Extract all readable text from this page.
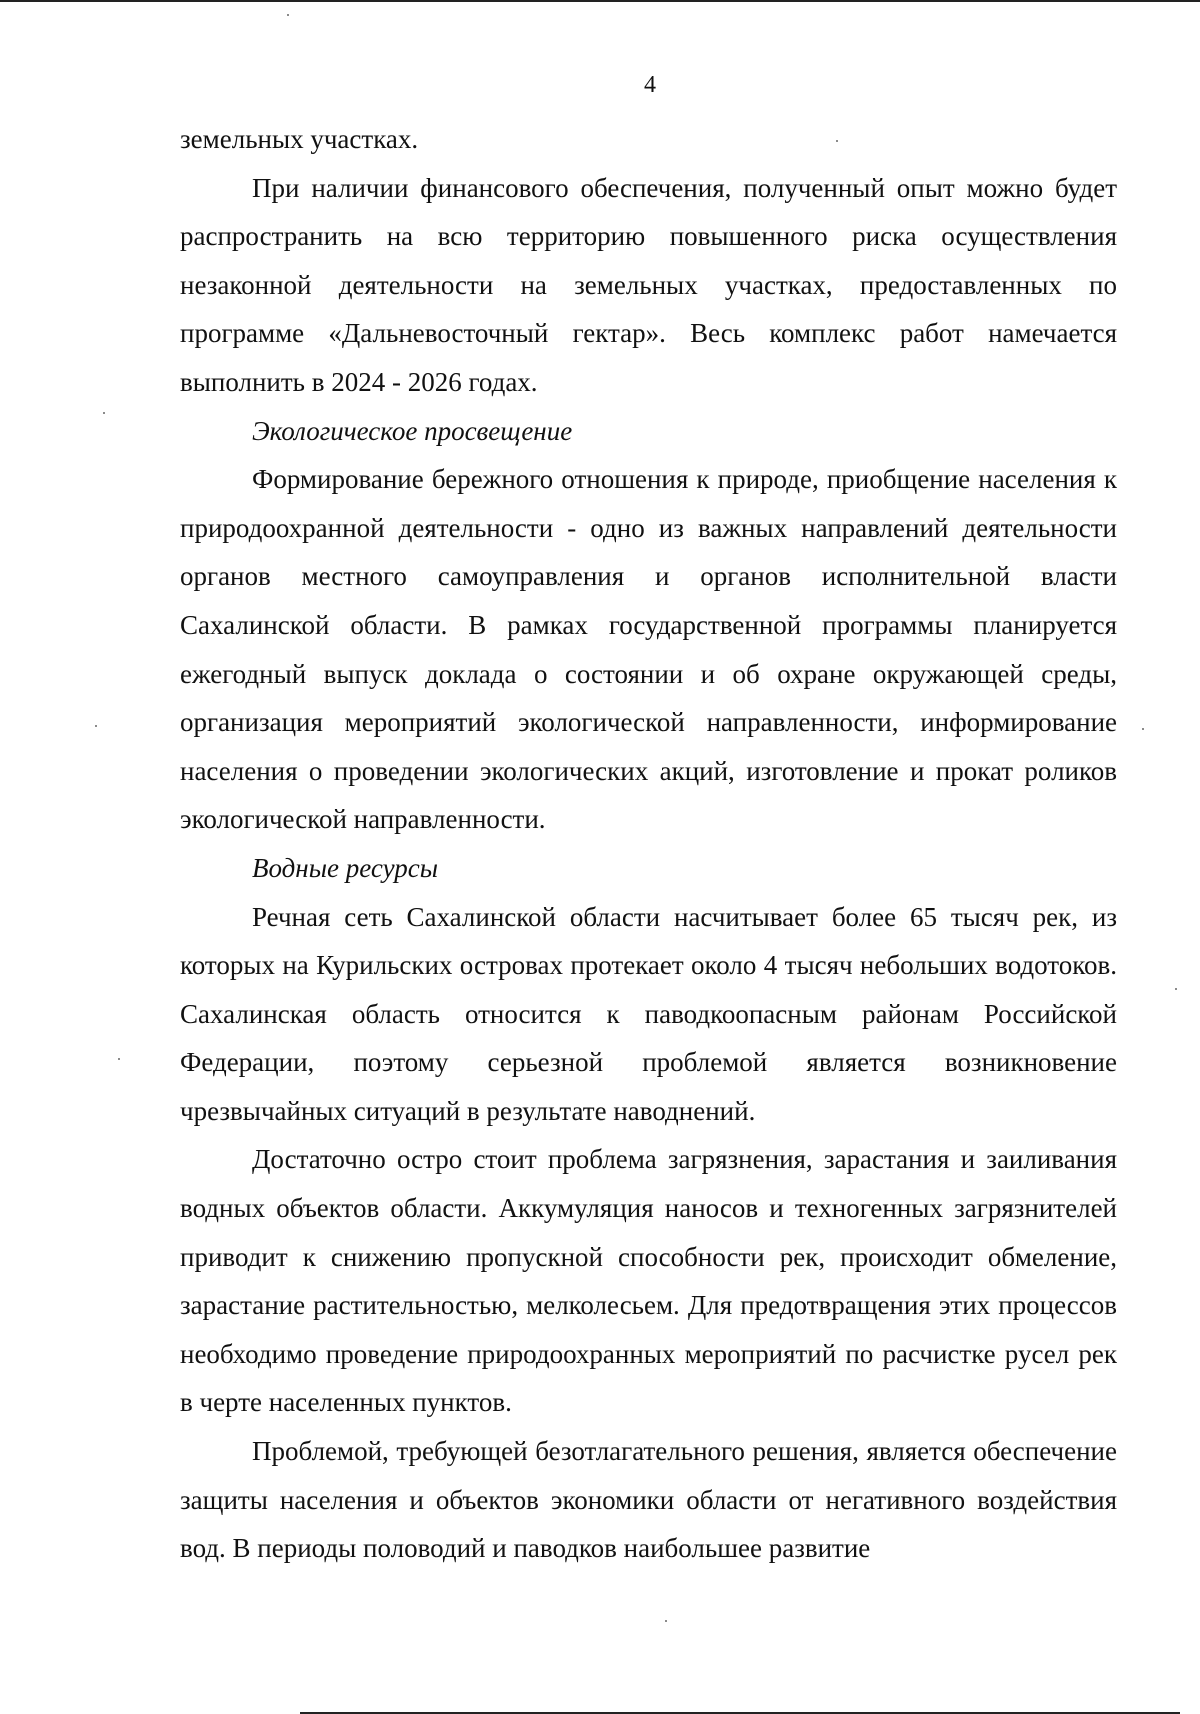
4

земельных участках.

При наличии финансового обеспечения, полученный опыт можно будет распространить на всю территорию повышенного риска осуществления незаконной деятельности на земельных участках, предоставленных по программе «Дальневосточный гектар». Весь комплекс работ намечается выполнить в 2024 - 2026 годах.

Экологическое просвещение

Формирование бережного отношения к природе, приобщение населения к природоохранной деятельности - одно из важных направлений деятельности органов местного самоуправления и органов исполнительной власти Сахалинской области. В рамках государственной программы планируется ежегодный выпуск доклада о состоянии и об охране окружающей среды, организация мероприятий экологической направленности, информирование населения о проведении экологических акций, изготовление и прокат роликов экологической направленности.

Водные ресурсы

Речная сеть Сахалинской области насчитывает более 65 тысяч рек, из которых на Курильских островах протекает около 4 тысяч небольших водотоков. Сахалинская область относится к паводкоопасным районам Российской Федерации, поэтому серьезной проблемой является возникновение чрезвычайных ситуаций в результате наводнений.

Достаточно остро стоит проблема загрязнения, зарастания и заиливания водных объектов области. Аккумуляция наносов и техногенных загрязнителей приводит к снижению пропускной способности рек, происходит обмеление, зарастание растительностью, мелколесьем. Для предотвращения этих процессов необходимо проведение природоохранных мероприятий по расчистке русел рек в черте населенных пунктов.

Проблемой, требующей безотлагательного решения, является обеспечение защиты населения и объектов экономики области от негативного воздействия вод. В периоды половодий и паводков наибольшее развитие
